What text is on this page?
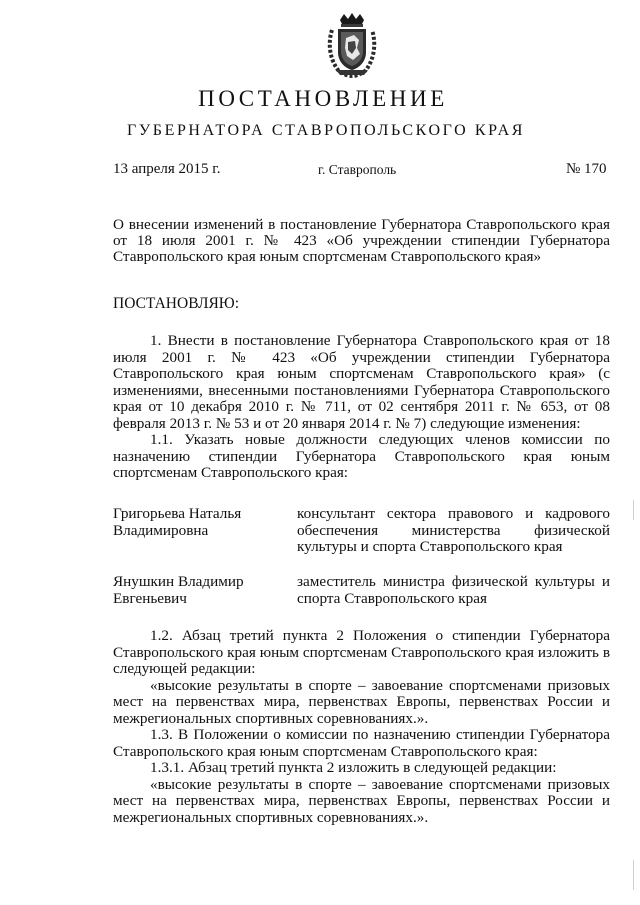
ПОСТАНОВЛЕНИЕ
ГУБЕРНАТОРА СТАВРОПОЛЬСКОГО КРАЯ
13 апреля 2015 г.	г. Ставрополь	№ 170
О внесении изменений в постановление Губернатора Ставропольского края от 18 июля 2001 г. № 423 «Об учреждении стипендии Губернатора Ставропольского края юным спортсменам Ставропольского края»
ПОСТАНОВЛЯЮ:

1. Внести в постановление Губернатора Ставропольского края от 18 июля 2001 г. № 423 «Об учреждении стипендии Губернатора Ставропольского края юным спортсменам Ставропольского края» (с изменениями, внесенными постановлениями Губернатора Ставропольского края от 10 декабря 2010 г. № 711, от 02 сентября 2011 г. № 653, от 08 февраля 2013 г. № 53 и от 20 января 2014 г. № 7) следующие изменения:

1.1. Указать новые должности следующих членов комиссии по назначению стипендии Губернатора Ставропольского края юным спортсменам Ставропольского края:

Григорьева Наталья Владимировна
консультант сектора правового и кадрового обеспечения министерства физической культуры и спорта Ставропольского края
Янушкин Владимир Евгеньевич
заместитель министра физической культуры и спорта Ставропольского края

1.2. Абзац третий пункта 2 Положения о стипендии Губернатора Ставропольского края юным спортсменам Ставропольского края изложить в следующей редакции:

«высокие результаты в спорте – завоевание спортсменами призовых мест на первенствах мира, первенствах Европы, первенствах России и межрегиональных спортивных соревнованиях.».

1.3. В Положении о комиссии по назначению стипендии Губернатора Ставропольского края юным спортсменам Ставропольского края:

1.3.1. Абзац третий пункта 2 изложить в следующей редакции:

«высокие результаты в спорте – завоевание спортсменами призовых мест на первенствах мира, первенствах Европы, первенствах России и межрегиональных спортивных соревнованиях.».
